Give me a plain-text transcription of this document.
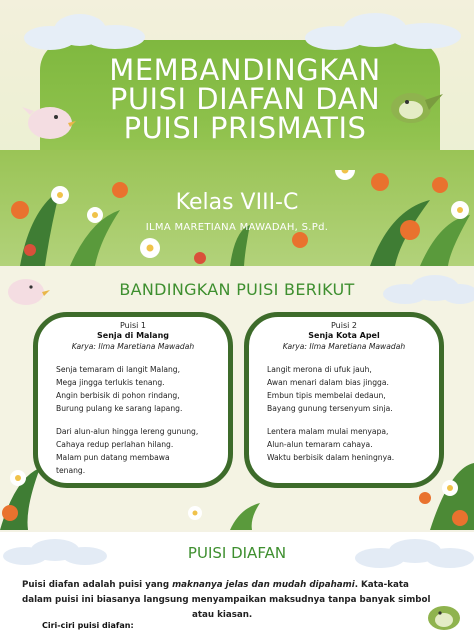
MEMBANDINGKAN
PUISI DIAFAN DAN
PUISI PRISMATIS
Kelas VIII-C
ILMA MARETIANA MAWADAH, S.Pd.
BANDINGKAN PUISI BERIKUT
Puisi 1
Senja di Malang
Karya: Ilma Maretiana Mawadah
Senja temaram di langit Malang,
Mega jingga terlukis tenang.
Angin berbisik di pohon rindang,
Burung pulang ke sarang lapang.
Dari alun-alun hingga lereng gunung,
Cahaya redup perlahan hilang.
Malam pun datang membawa
tenang.
Puisi 2
Senja Kota Apel
Karya: Ilma Maretiana Mawadah
Langit merona di ufuk jauh,
Awan menari dalam bias jingga.
Embun tipis membelai dedaun,
Bayang gunung tersenyum sinja.
Lentera malam mulai menyapa,
Alun-alun temaram cahaya.
Waktu berbisik dalam heningnya.
PUISI DIAFAN
Puisi diafan adalah puisi yang maknanya jelas dan mudah dipahami. Kata-kata
dalam puisi ini biasanya langsung menyampaikan maksudnya tanpa banyak simbol
atau kiasan.
Ciri-ciri puisi diafan:
